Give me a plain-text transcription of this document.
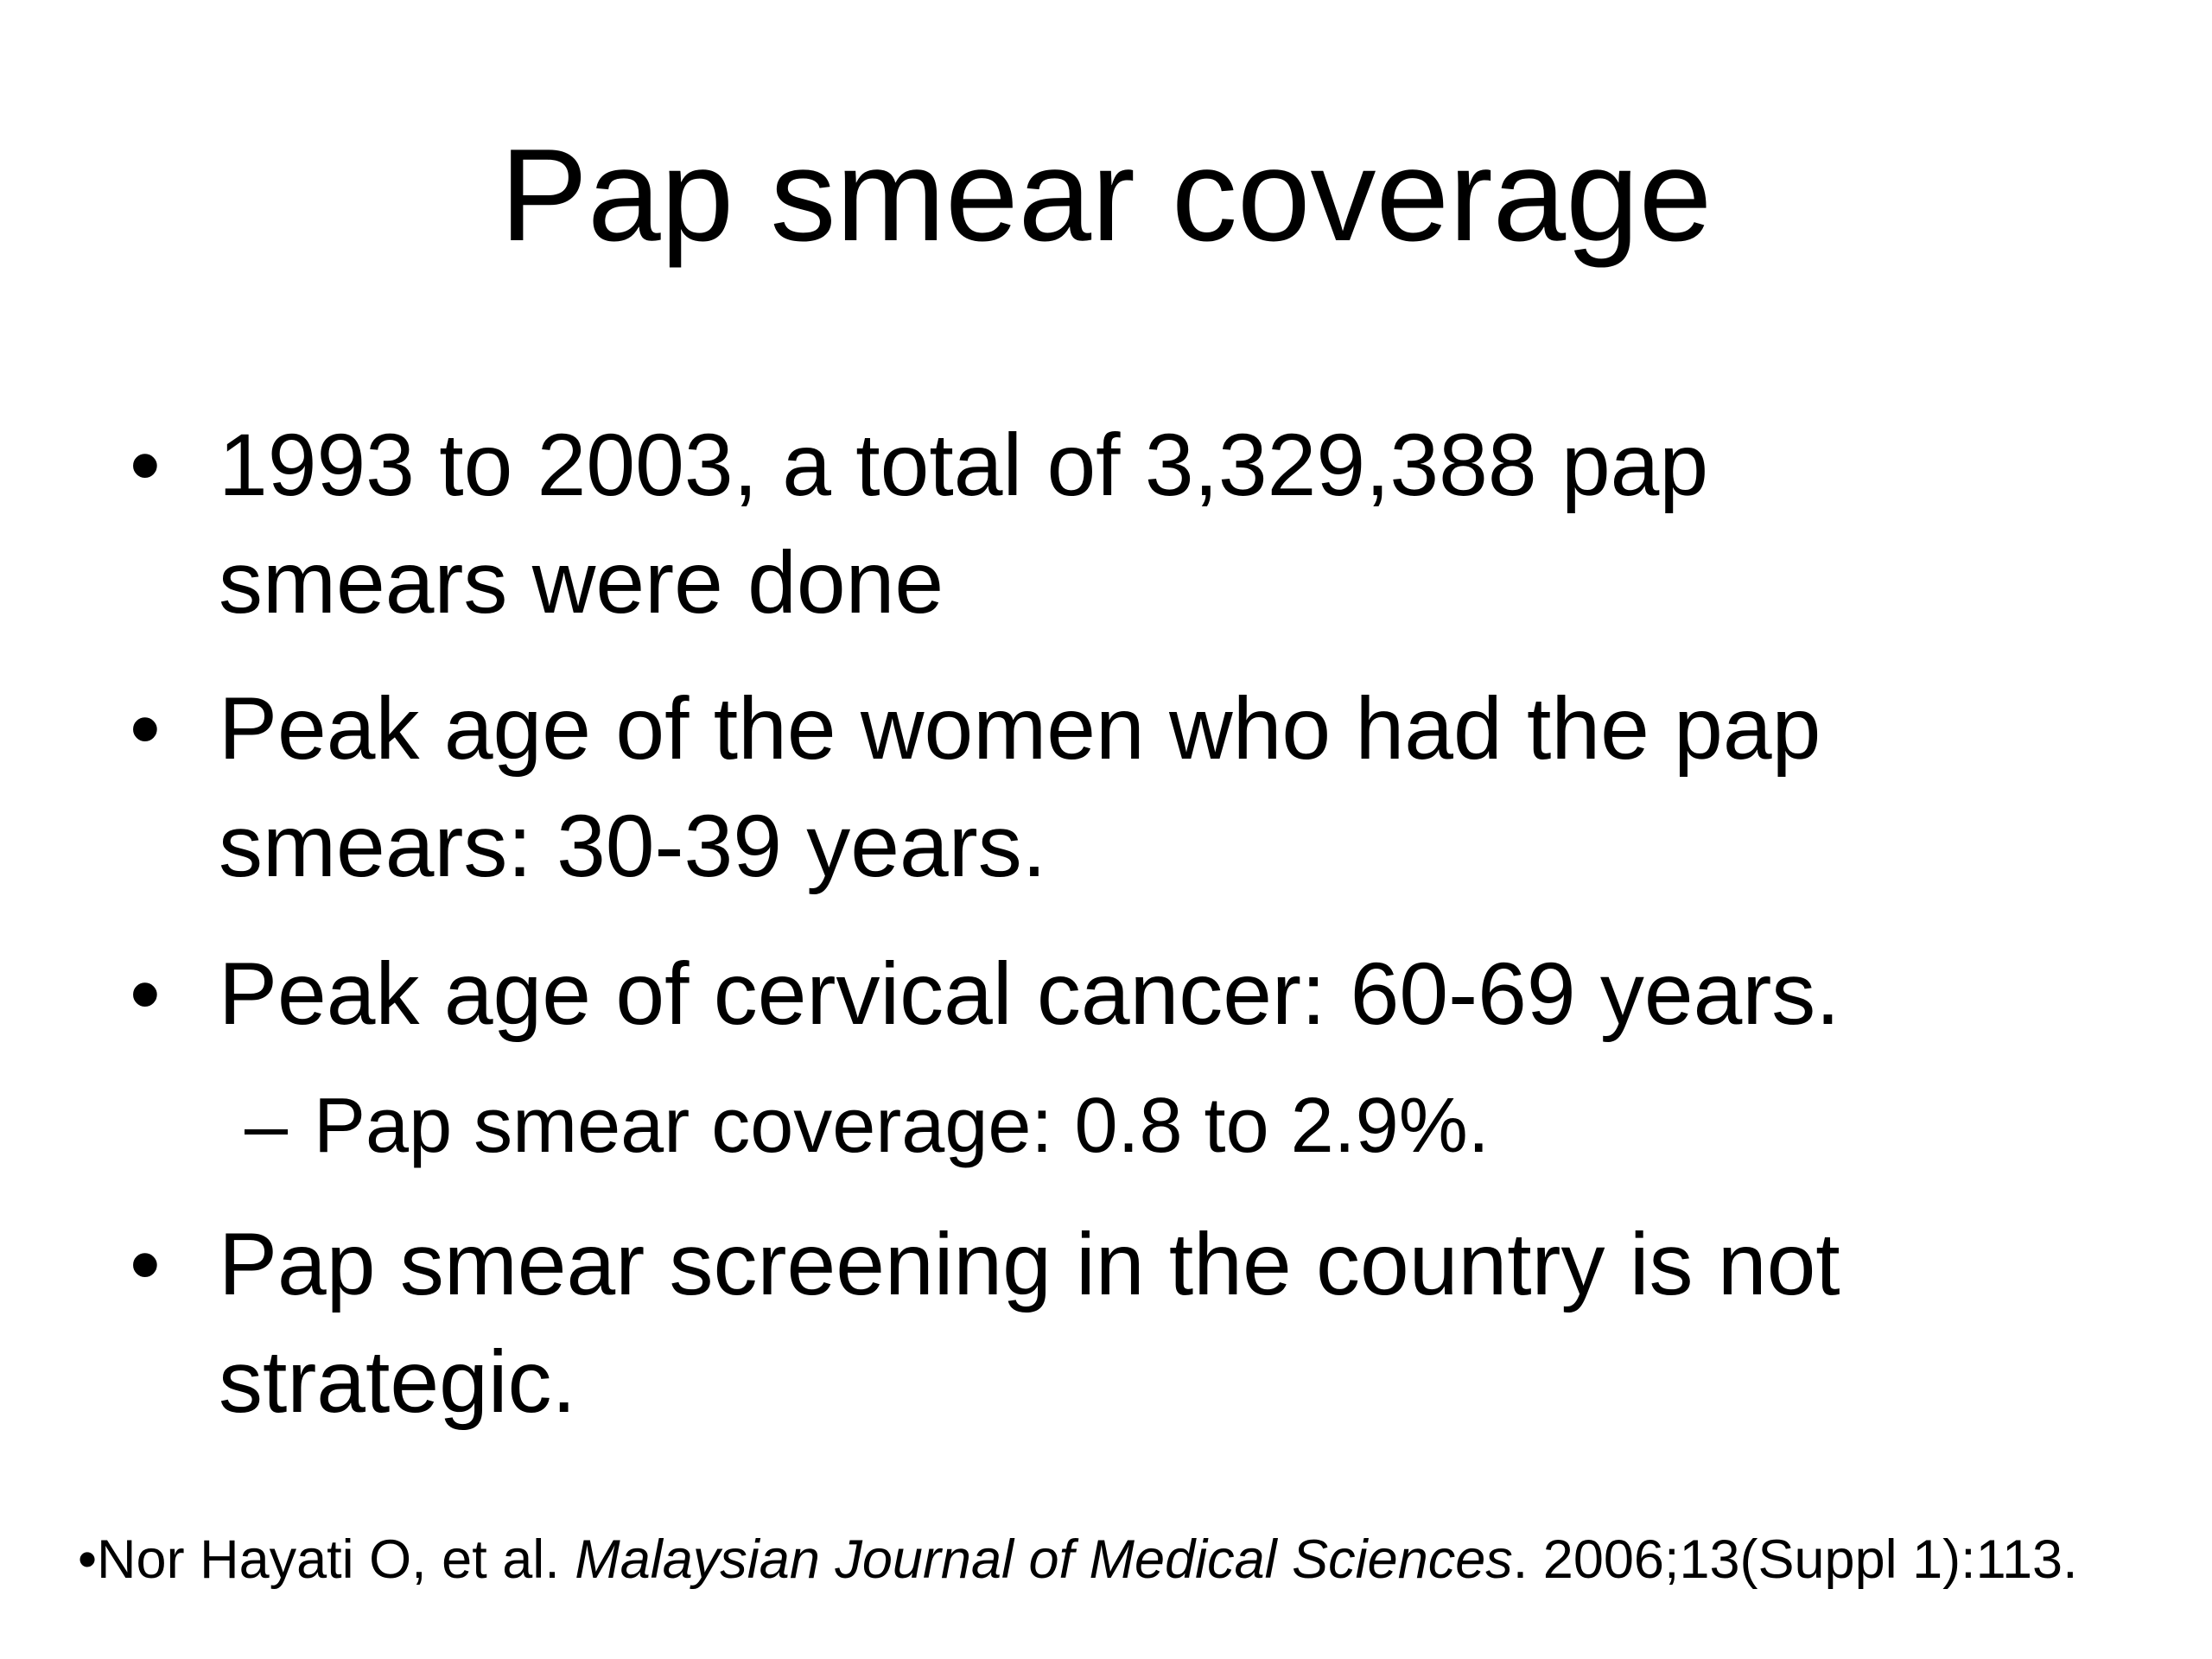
Pap smear coverage
• 1993 to 2003, a total of 3,329,388 pap
smears were done
• Peak age of the women who had the pap
smears: 30-39 years.
• Peak age of cervical cancer: 60-69 years.
– Pap smear coverage: 0.8 to 2.9%.
• Pap smear screening in the country is not
strategic.
•Nor Hayati O, et al. Malaysian Journal of Medical Sciences. 2006;13(Suppl 1):113.
